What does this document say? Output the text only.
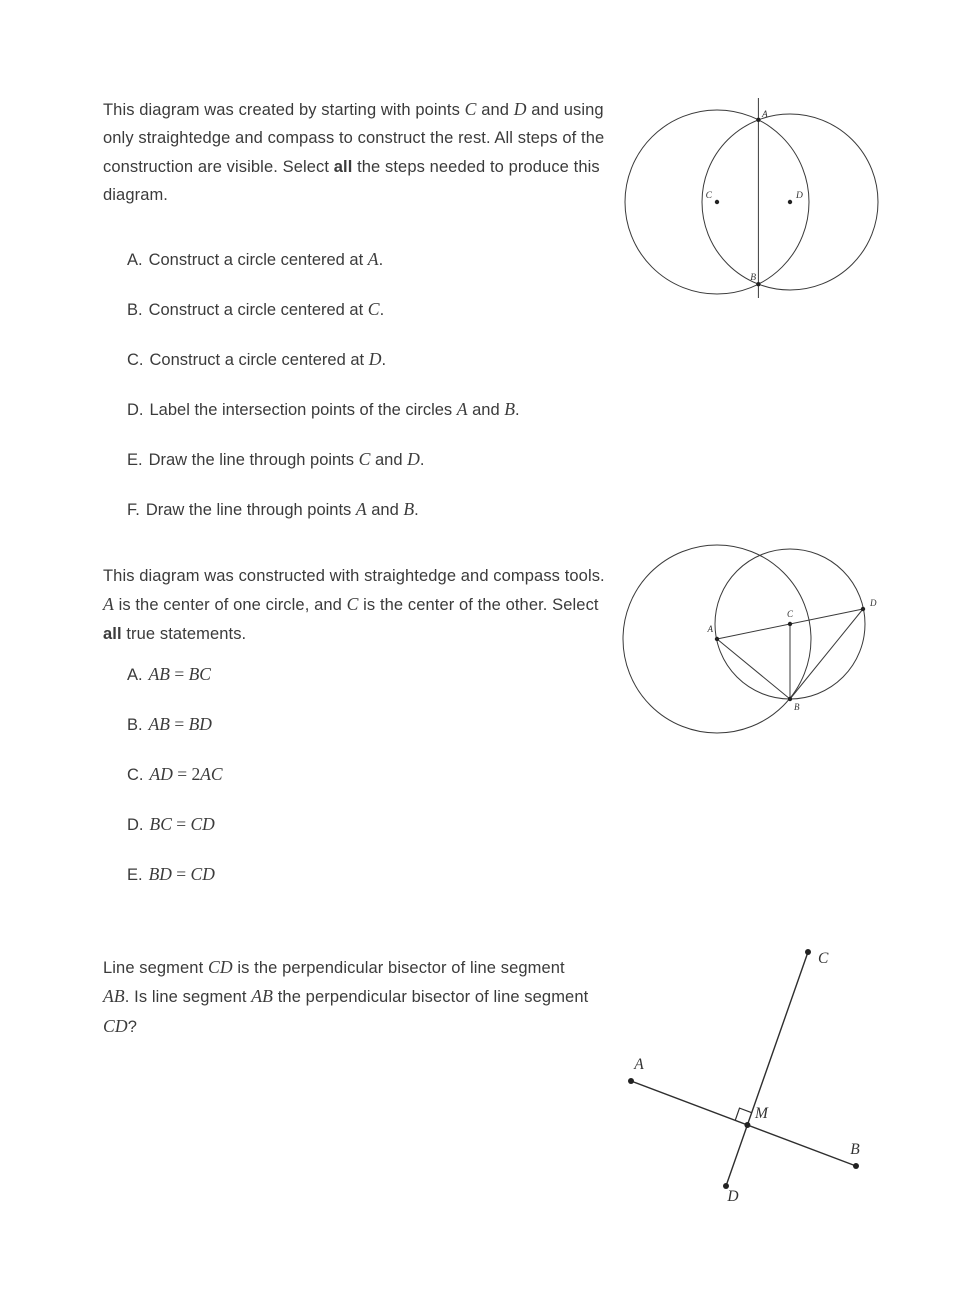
This diagram was created by starting with points C and D and using only straightedge and compass to construct the rest. All steps of the construction are visible. Select all the steps needed to produce this diagram.

A. Construct a circle centered at A.
B. Construct a circle centered at C.
C. Construct a circle centered at D.
D. Label the intersection points of the circles A and B.
E. Draw the line through points C and D.
F. Draw the line through points A and B.
A
B
C	D

This diagram was constructed with straightedge and compass tools. A is the center of one circle, and C is the center of the other. Select all true statements.

A. AB = BC
B. AB = BD
C. AD = 2AC
D. BC = CD
E. BD = CD
A
C
D
B

Line segment CD is the perpendicular bisector of line segment AB. Is line segment AB the perpendicular bisector of line segment CD?

A
B
C
D
M
